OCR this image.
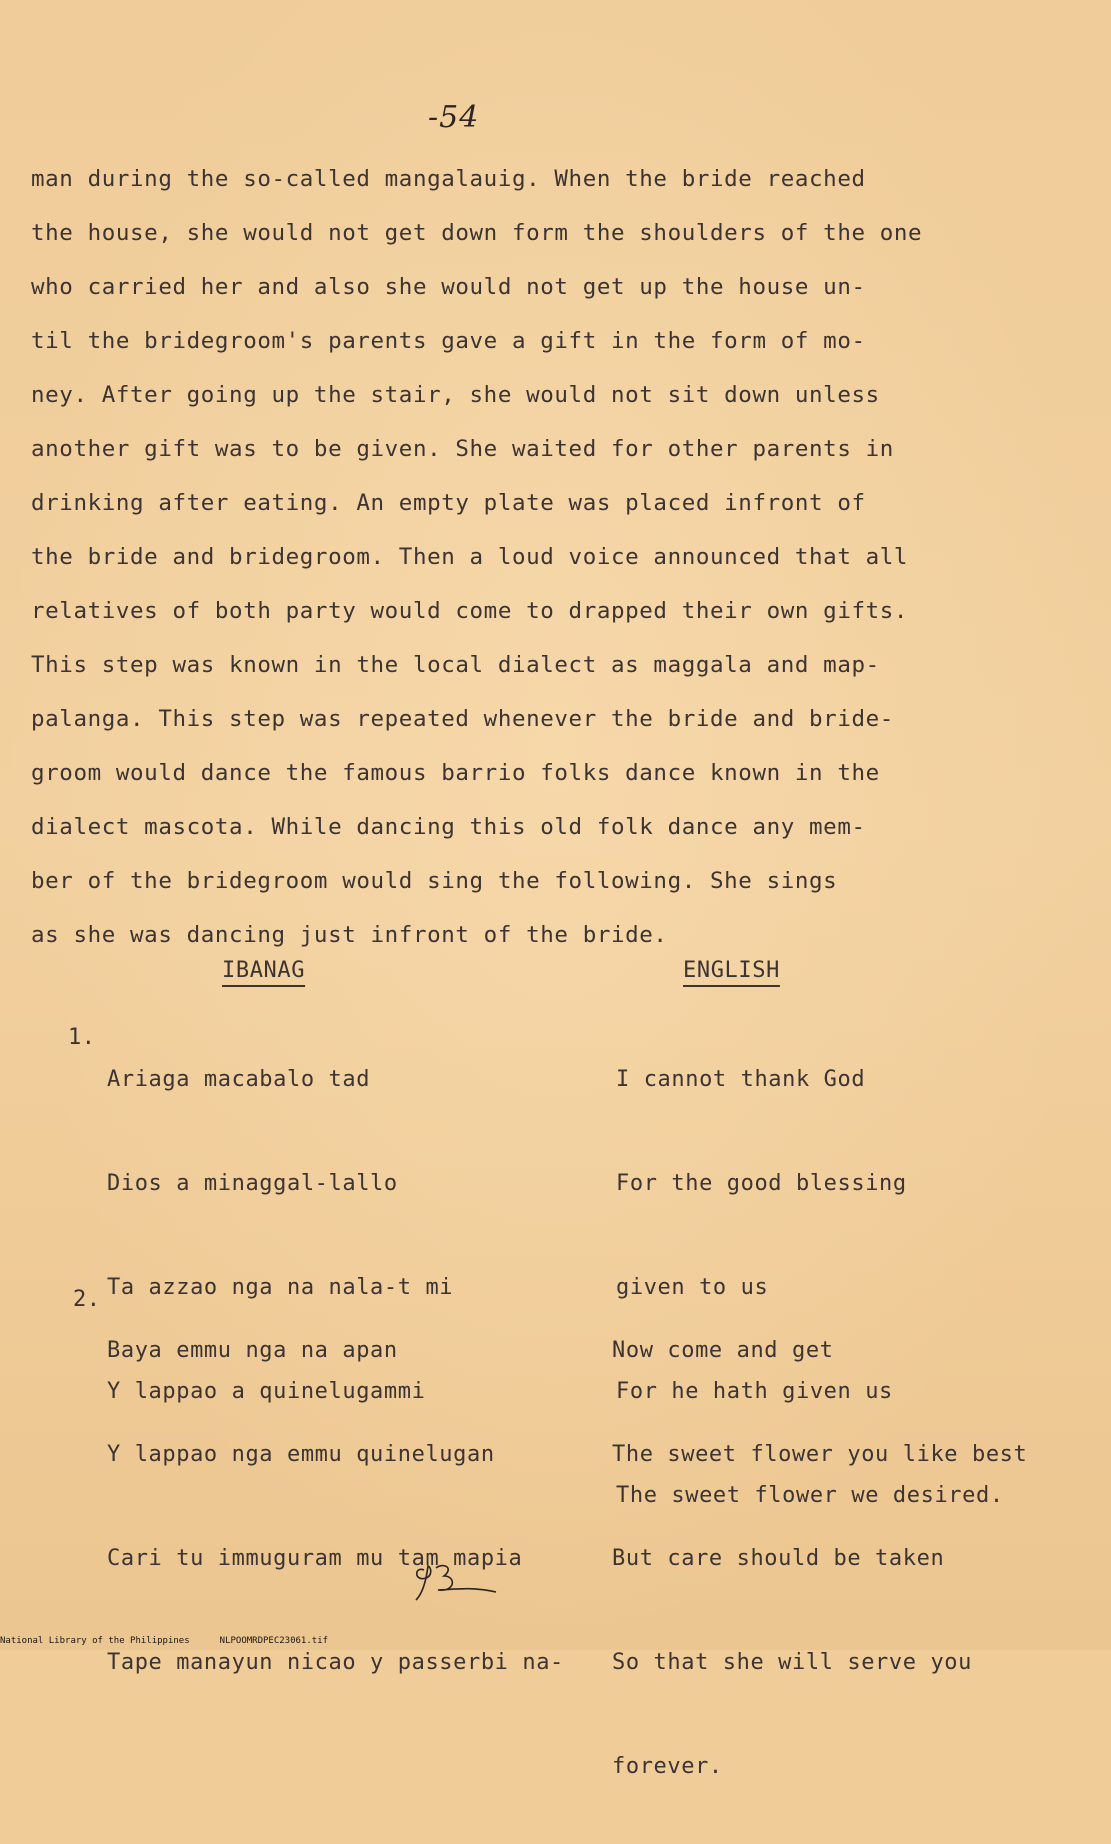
-54
man during the so-called mangalauig. When the bride reached
the house, she would not get down form the shoulders of the one
who carried her and also she would not get up the house un-
til the bridegroom's parents gave a gift in the form of mo-
ney. After going up the stair, she would not sit down unless
another gift was to be given. She waited for other parents in
drinking after eating. An empty plate was placed infront of
the bride and bridegroom. Then a loud voice announced that all
relatives of both party would come to drapped their own gifts.
This step was known in the local dialect as maggala and map-
palanga. This step was repeated whenever the bride and bride-
groom would dance the famous barrio folks dance known in the
dialect mascota. While dancing this old folk dance any mem-
ber of the bridegroom would sing the following. She sings
as she was dancing just infront of the bride.
IBANAG	ENGLISH
1.

Ariaga macabalo tad

Dios a minaggal-lallo

Ta azzao nga na nala-t mi

Y lappao a quinelugammi

I cannot thank God

For the good blessing

given to us

For he hath given us

The sweet flower we desired.

2.

Baya emmu nga na apan

Y lappao nga emmu quinelugan

Cari tu immuguram mu tam mapia

Tape manayun nicao y passerbi na-

Now come and get

The sweet flower you like best

But care should be taken

So that she will serve you

forever.

National Library of the Philippines	NLPOOMRDPEC23061.tif
